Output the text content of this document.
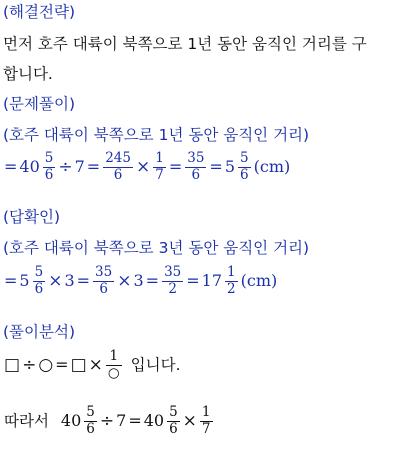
(해결전략)
먼저 호주 대륙이 북쪽으로 1년 동안 움직인 거리를 구
합니다.
(문제풀이)
(호주 대륙이 북쪽으로 1년 동안 움직인 거리)
= $40 \frac{5}{6} \div 7 = \frac{245}{6} \times \frac{1}{7} = \frac{35}{6} = 5 \frac{5}{6} (cm)$
(답확인)
(호주 대륙이 북쪽으로 3년 동안 움직인 거리)
= $5 \frac{5}{6} \times 3 = \frac{35}{6} \times 3 = \frac{35}{2} = 17 \frac{1}{2} (cm)$
(풀이분석)
□ ÷ ○ = □ × $\frac{1}{○}$ 입니다.
따라서 $40 \frac{5}{6} \div 7 = 40 \frac{5}{6} \times \frac{1}{7}$
